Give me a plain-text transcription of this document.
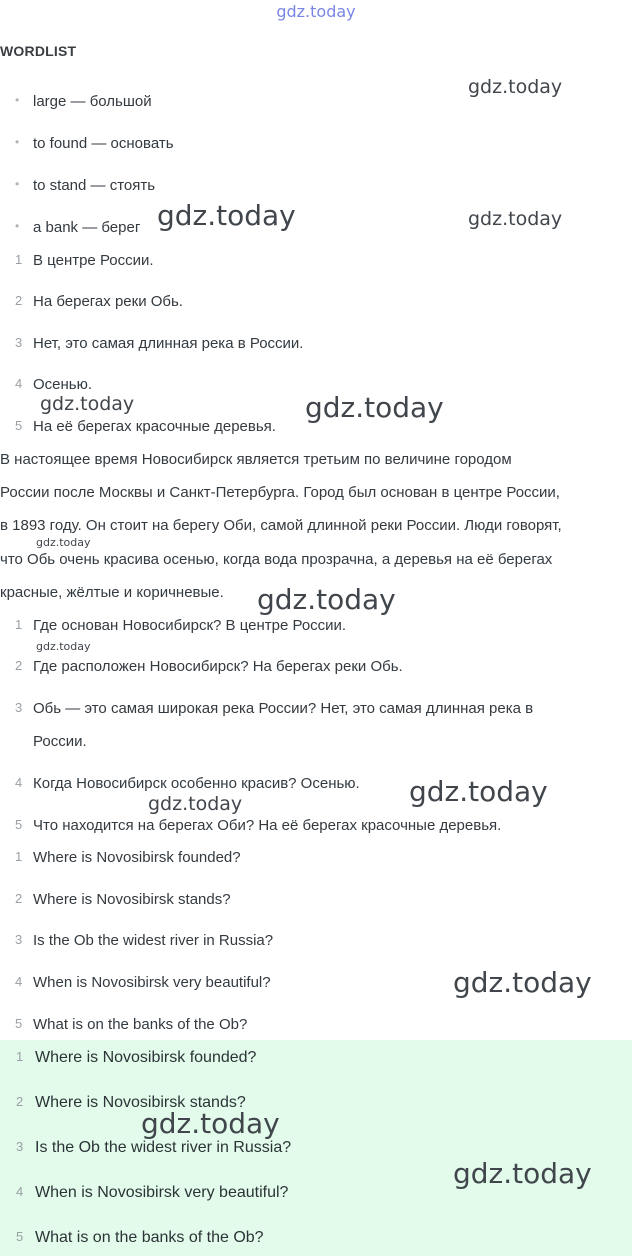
gdz.today
WORDLIST
• large — большой
• to found — основать
• to stand — стоять
• a bank — берег
1 В центре России.
2 На берегах реки Обь.
3 Нет, это самая длинная река в России.
4 Осенью.
5 На её берегах красочные деревья.
В настоящее время Новосибирск является третьим по величине городом
России после Москвы и Санкт-Петербурга. Город был основан в центре России,
в 1893 году. Он стоит на берегу Оби, самой длинной реки России. Люди говорят,
что Обь очень красива осенью, когда вода прозрачна, а деревья на её берегах
красные, жёлтые и коричневые.
1 Где основан Новосибирск? В центре России.
2 Где расположен Новосибирск? На берегах реки Обь.
3 Обь — это самая широкая река России? Нет, это самая длинная река в
России.
4 Когда Новосибирск особенно красив? Осенью.
5 Что находится на берегах Оби? На её берегах красочные деревья.
1 Where is Novosibirsk founded?
2 Where is Novosibirsk stands?
3 Is the Ob the widest river in Russia?
4 When is Novosibirsk very beautiful?
5 What is on the banks of the Ob?
1 Where is Novosibirsk founded?
2 Where is Novosibirsk stands?
3 Is the Ob the widest river in Russia?
4 When is Novosibirsk very beautiful?
5 What is on the banks of the Ob?
gdz.today
gdz.today	gdz.today
gdz.today	gdz.today
gdz.today
gdz.today
gdz.today
gdz.today
gdz.today
gdz.today
gdz.today
gdz.today
